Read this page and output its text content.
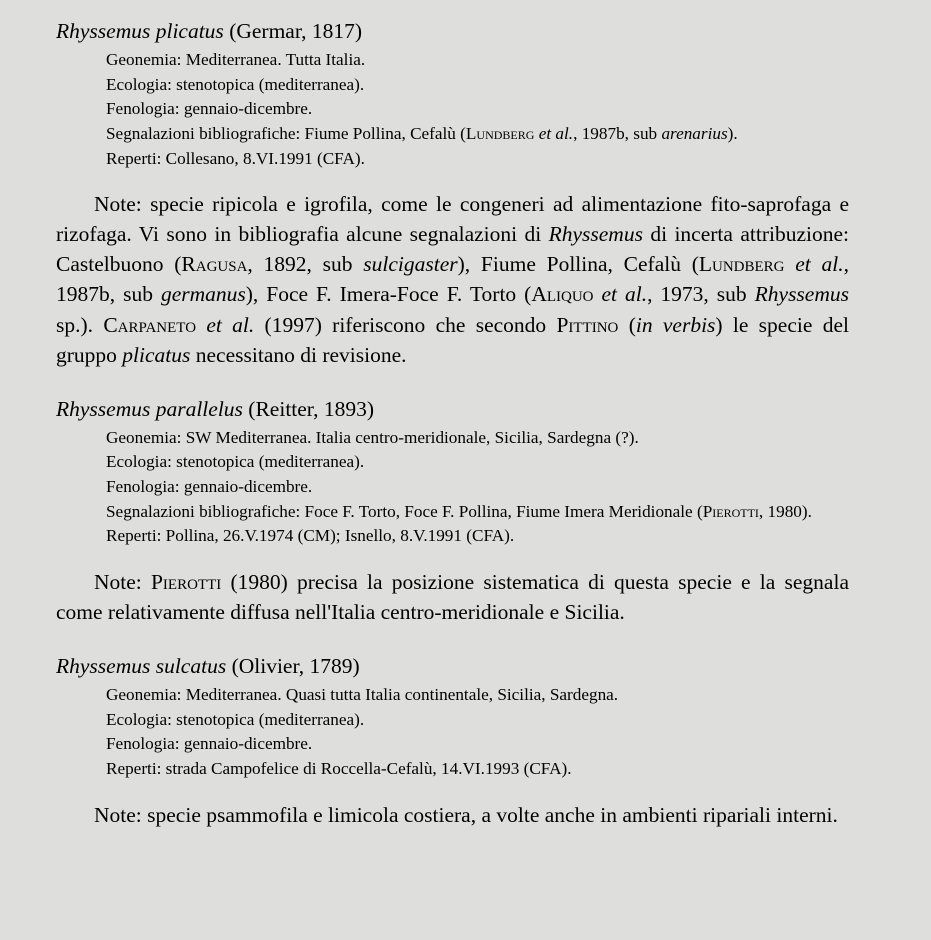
Rhyssemus plicatus (Germar, 1817)
Geonemia: Mediterranea. Tutta Italia.
Ecologia: stenotopica (mediterranea).
Fenologia: gennaio-dicembre.
Segnalazioni bibliografiche: Fiume Pollina, Cefalù (Lundberg et al., 1987b, sub arenarius).
Reperti: Collesano, 8.VI.1991 (CFA).

Note: specie ripicola e igrofila, come le congeneri ad alimentazione fito-saprofaga e rizofaga. Vi sono in bibliografia alcune segnalazioni di Rhyssemus di incerta attribuzione: Castelbuono (Ragusa, 1892, sub sulcigaster), Fiume Pollina, Cefalù (Lundberg et al., 1987b, sub germanus), Foce F. Imera-Foce F. Torto (Aliquo et al., 1973, sub Rhyssemus sp.). Carpaneto et al. (1997) riferiscono che secondo Pittino (in verbis) le specie del gruppo plicatus necessitano di revisione.

Rhyssemus parallelus (Reitter, 1893)
Geonemia: SW Mediterranea. Italia centro-meridionale, Sicilia, Sardegna (?).
Ecologia: stenotopica (mediterranea).
Fenologia: gennaio-dicembre.
Segnalazioni bibliografiche: Foce F. Torto, Foce F. Pollina, Fiume Imera Meridionale (Pierotti, 1980).
Reperti: Pollina, 26.V.1974 (CM); Isnello, 8.V.1991 (CFA).

Note: Pierotti (1980) precisa la posizione sistematica di questa specie e la segnala come relativamente diffusa nell'Italia centro-meridionale e Sicilia.

Rhyssemus sulcatus (Olivier, 1789)
Geonemia: Mediterranea. Quasi tutta Italia continentale, Sicilia, Sardegna.
Ecologia: stenotopica (mediterranea).
Fenologia: gennaio-dicembre.
Reperti: strada Campofelice di Roccella-Cefalù, 14.VI.1993 (CFA).

Note: specie psammofila e limicola costiera, a volte anche in ambienti ripariali interni.
